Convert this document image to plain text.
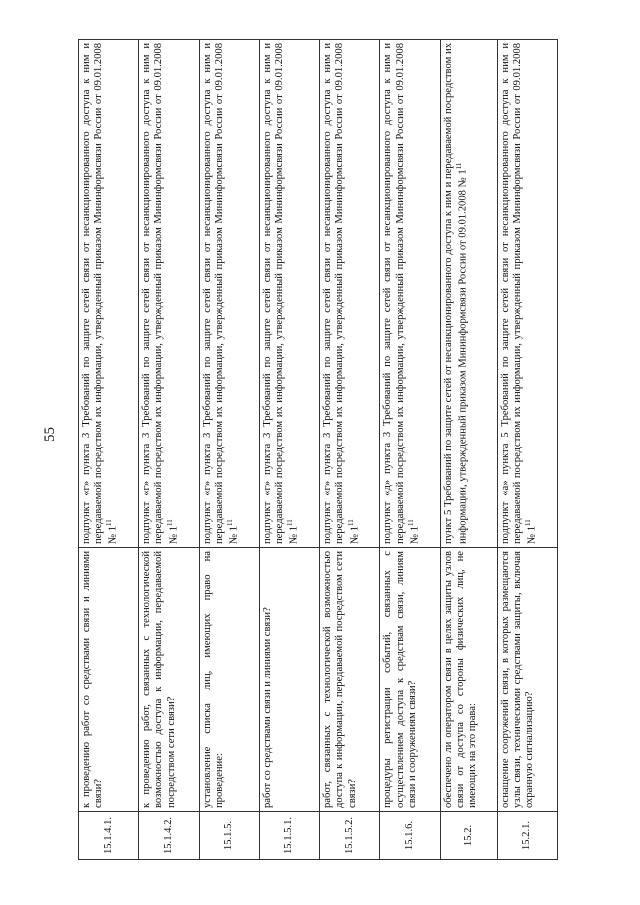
55
15.1.4.1.	к проведению работ со средствами связи и линиями связи?	подпункт «г» пункта 3 Требований по защите сетей связи от несанкционированного доступа к ним и передаваемой посредством их информации, утвержденный приказом Мининформсвязи России от 09.01.2008 № $1^{11}$
15.1.4.2.	к проведению работ, связанных с технологической возможностью доступа к информации, передаваемой посредством сети связи?	подпункт «г» пункта 3 Требований по защите сетей связи от несанкционированного доступа к ним и передаваемой посредством их информации, утвержденный приказом Мининформсвязи России от 09.01.2008 № $1^{11}$
15.1.5.	установление списка лиц, имеющих право на проведение:	подпункт «г» пункта 3 Требований по защите сетей связи от несанкционированного доступа к ним и передаваемой посредством их информации, утвержденный приказом Мининформсвязи России от 09.01.2008 № $1^{11}$
15.1.5.1.	работ со средствами связи и линиями связи?	подпункт «г» пункта 3 Требований по защите сетей связи от несанкционированного доступа к ним и передаваемой посредством их информации, утвержденный приказом Мининформсвязи России от 09.01.2008 № $1^{11}$
15.1.5.2.	работ, связанных с технологической возможностью доступа к информации, передаваемой посредством сети связи?	подпункт «г» пункта 3 Требований по защите сетей связи от несанкционированного доступа к ним и передаваемой посредством их информации, утвержденный приказом Мининформсвязи России от 09.01.2008 № $1^{11}$
15.1.6.	процедуры регистрации событий, связанных с осуществлением доступа к средствам связи, линиям связи и сооружениям связи?	подпункт «д» пункта 3 Требований по защите сетей связи от несанкционированного доступа к ним и передаваемой посредством их информации, утвержденный приказом Мининформсвязи России от 09.01.2008 № $1^{11}$
15.2.	обеспечено ли оператором связи в целях защиты узлов связи от доступа со стороны физических лиц, не имеющих на это права:	пункт 5 Требований по защите сетей от несанкционированного доступа к ним и передаваемой посредством их информации, утвержденный приказом Мининформсвязи России от 09.01.2008 № $1^{11}$
15.2.1.	оснащение сооружений связи, в которых размещаются узлы связи, техническими средствами защиты, включая охранную сигнализацию?	подпункт «а» пункта 5 Требований по защите сетей связи от несанкционированного доступа к ним и передаваемой посредством их информации, утвержденный приказом Мининформсвязи России от 09.01.2008 № $1^{11}$
